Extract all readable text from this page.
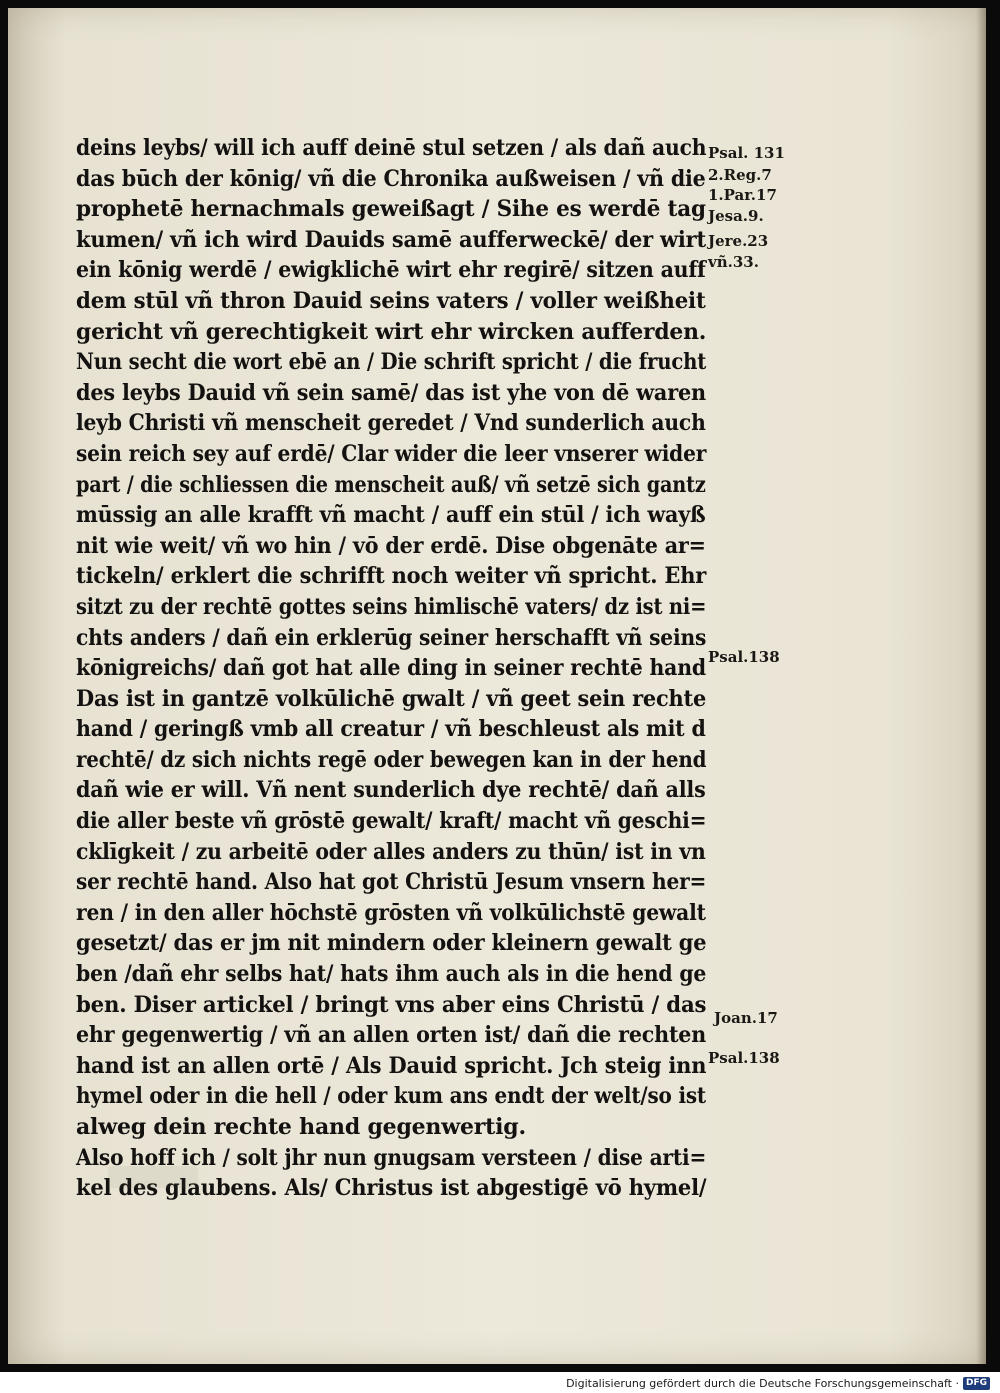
deins leybs/ will ich auff deinē stul setzen / als dañ auch
das būch der kōnig/ vñ die Chronika außweisen / vñ die
prophetē hernachmals geweißagt / Sihe es werdē tag
kumen/ vñ ich wird Dauids samē aufferweckē/ der wirt
ein kōnig werdē / ewigklichē wirt ehr regirē/ sitzen auff
dem stūl vñ thron Dauid seins vaters / voller weißheit
gericht vñ gerechtigkeit wirt ehr wircken aufferden.
Nun secht die wort ebē an / Die schrift spricht / die frucht
des leybs Dauid vñ sein samē/ das ist yhe von dē waren
leyb Christi vñ menscheit geredet / Vnd sunderlich auch
sein reich sey auf erdē/ Clar wider die leer vnserer wider
part / die schliessen die menscheit auß/ vñ setzē sich gantz
mūssig an alle krafft vñ macht / auff ein stūl / ich wayß
nit wie weit/ vñ wo hin / vō der erdē. Dise obgenāte ar=
tickeln/ erklert die schrifft noch weiter vñ spricht. Ehr
sitzt zu der rechtē gottes seins himlischē vaters/ dz ist ni=
chts anders / dañ ein erklerūg seiner herschafft vñ seins
kōnigreichs/ dañ got hat alle ding in seiner rechtē hand
Das ist in gantzē volkūlichē gwalt / vñ geet sein rechte
hand / geringß vmb all creatur / vñ beschleust als mit d
rechtē/ dz sich nichts regē oder bewegen kan in der hend
dañ wie er will. Vñ nent sunderlich dye rechtē/ dañ alls
die aller beste vñ grōstē gewalt/ kraft/ macht vñ geschi=
cklīgkeit / zu arbeitē oder alles anders zu thūn/ ist in vn
ser rechtē hand. Also hat got Christū Jesum vnsern her=
ren / in den aller hōchstē grōsten vñ volkūlichstē gewalt
gesetzt/ das er jm nit mindern oder kleinern gewalt ge
ben /dañ ehr selbs hat/ hats ihm auch als in die hend ge
ben. Diser artickel / bringt vns aber eins Christū / das
ehr gegenwertig / vñ an allen orten ist/ dañ die rechten
hand ist an allen ortē / Als Dauid spricht. Jch steig inn
hymel oder in die hell / oder kum ans endt der welt/so ist
alweg dein rechte hand gegenwertig.
Also hoff ich / solt jhr nun gnugsam versteen / dise arti=
kel des glaubens. Als/ Christus ist abgestigē vō hymel/
Psal. 131
2.Reg.7
1.Par.17
Jesa.9.
Jere.23
vñ.33.
Psal.138
Joan.17
Psal.138
Digitalisierung gefördert durch die Deutsche Forschungsgemeinschaft · DFG
